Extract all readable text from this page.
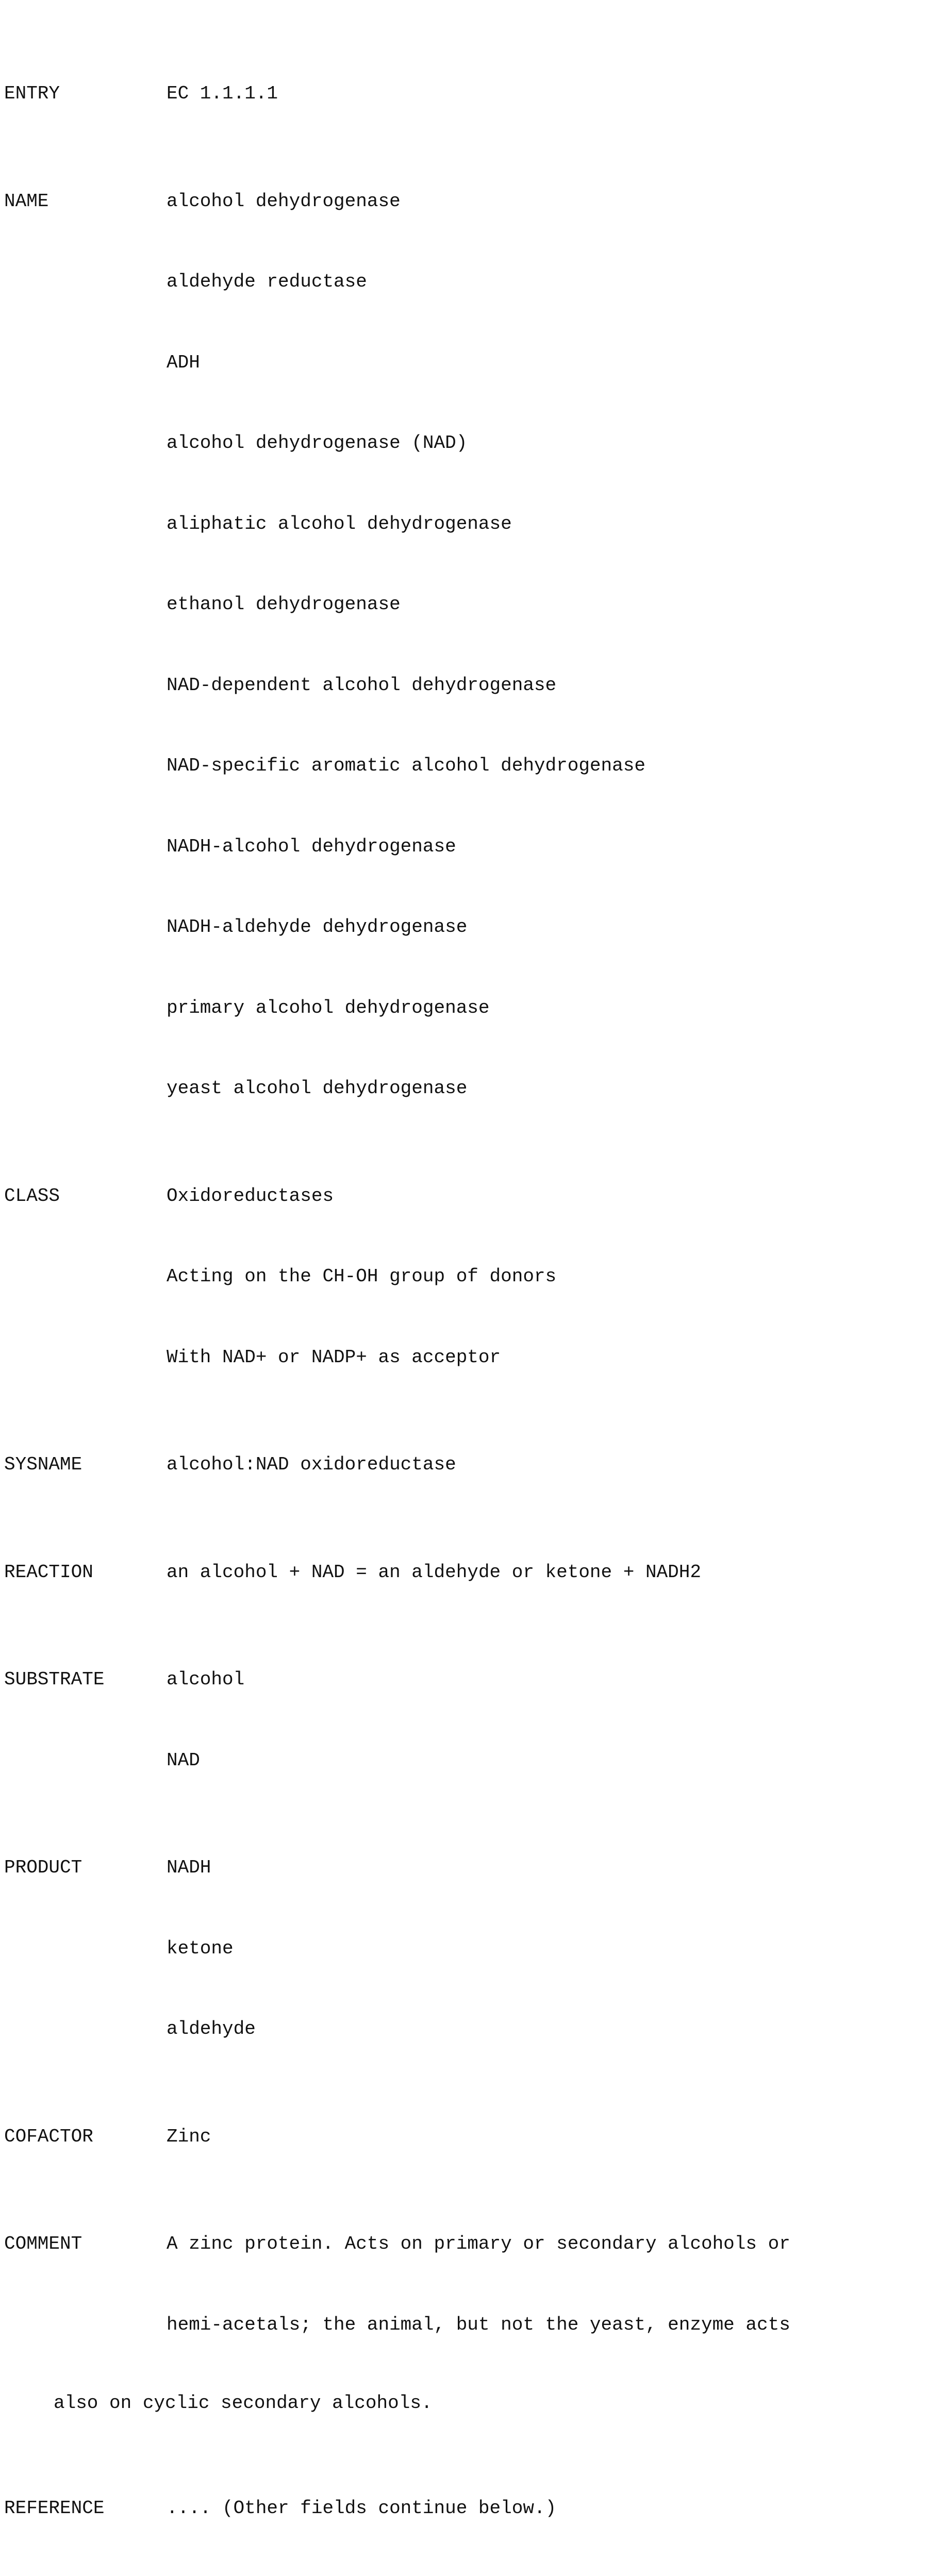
ENTRY	EC 1.1.1.1

NAME	alcohol dehydrogenase

aldehyde reductase

ADH

alcohol dehydrogenase (NAD)

aliphatic alcohol dehydrogenase

ethanol dehydrogenase

NAD-dependent alcohol dehydrogenase

NAD-specific aromatic alcohol dehydrogenase

NADH-alcohol dehydrogenase

NADH-aldehyde dehydrogenase

primary alcohol dehydrogenase

yeast alcohol dehydrogenase

CLASS	Oxidoreductases

Acting on the CH-OH group of donors

With NAD+ or NADP+ as acceptor

SYSNAME	alcohol:NAD oxidoreductase

REACTION	an alcohol + NAD = an aldehyde or ketone + NADH2

SUBSTRATE	alcohol

NAD

PRODUCT	NADH

ketone

aldehyde

COFACTOR	Zinc

COMMENT	A zinc protein. Acts on primary or secondary alcohols or

hemi-acetals; the animal, but not the yeast, enzyme acts

also on cyclic secondary alcohols.

REFERENCE	.... (Other fields continue below.)
